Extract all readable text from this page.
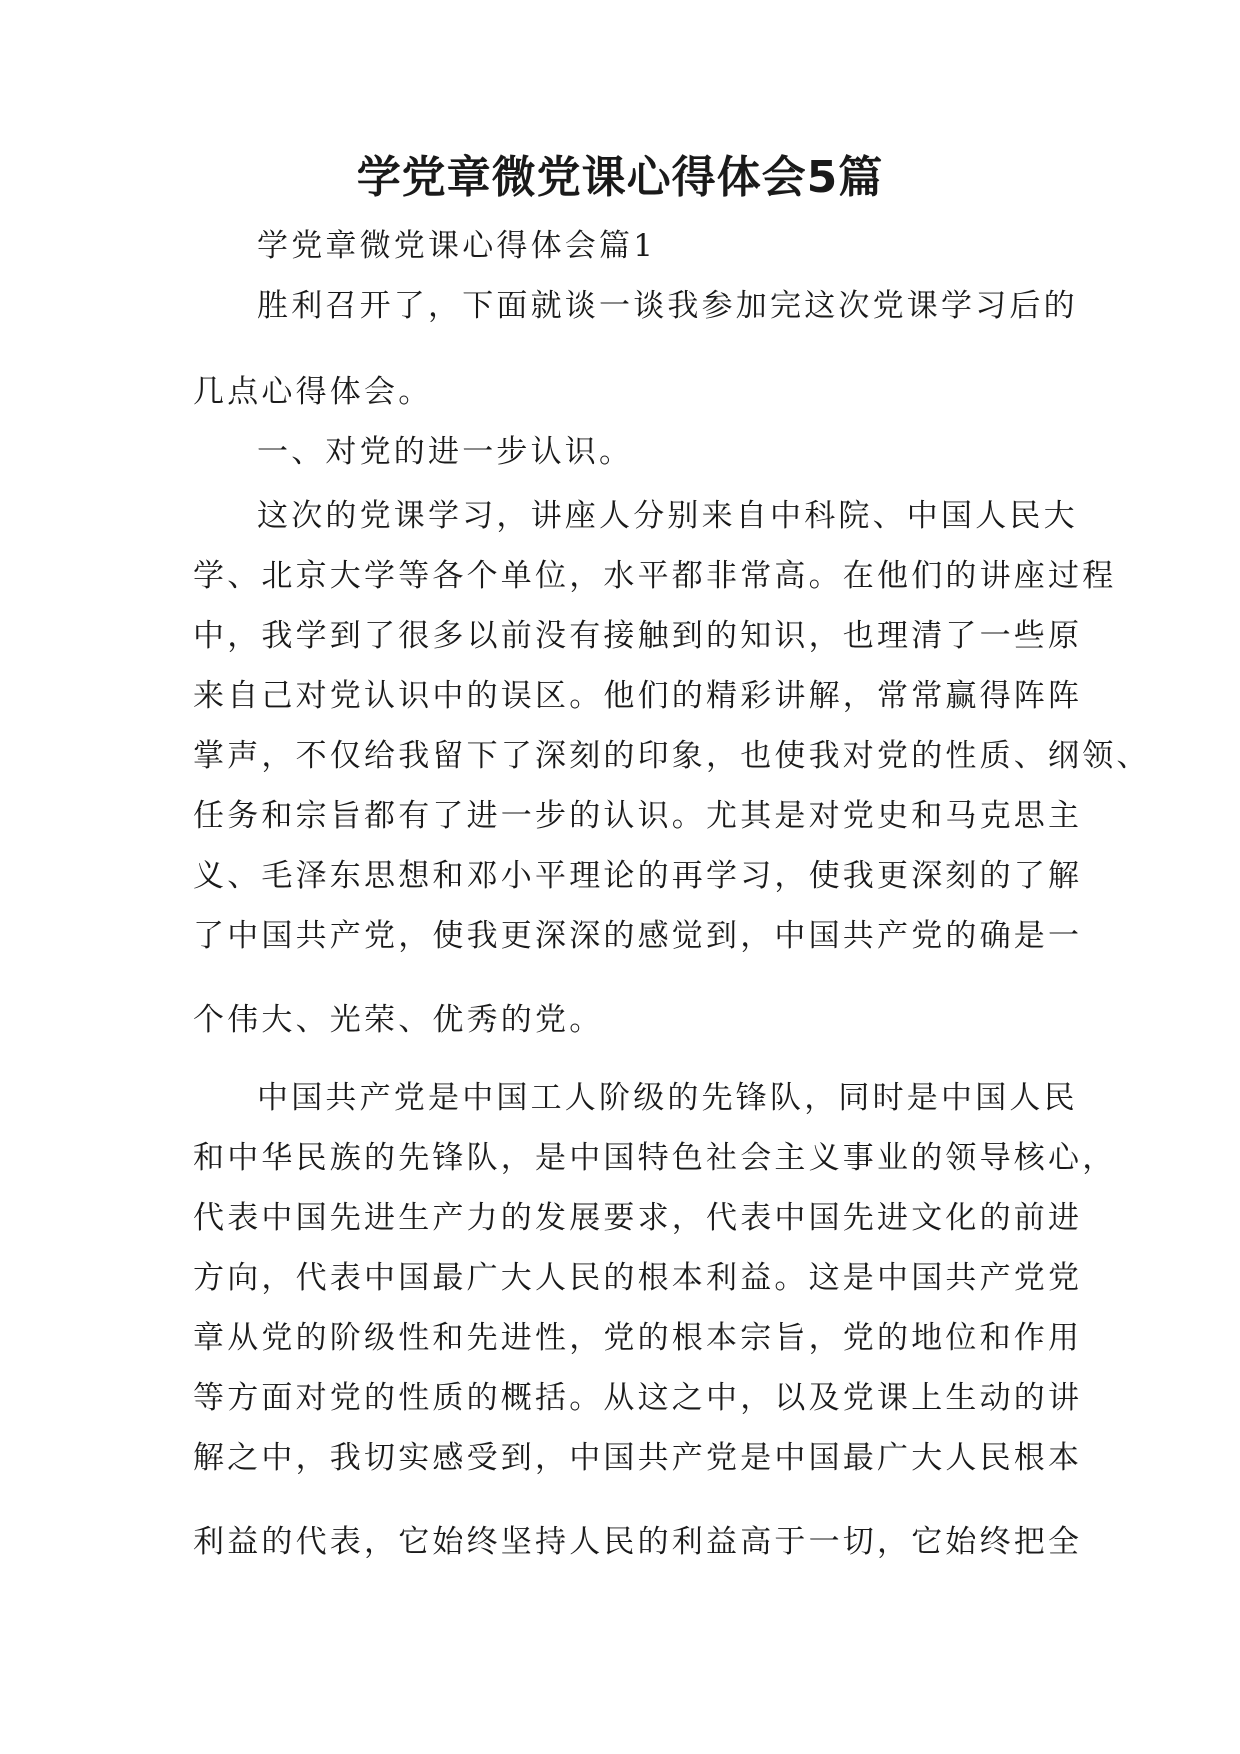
学党章微党课心得体会5篇

学党章微党课心得体会篇1

胜利召开了，下面就谈一谈我参加完这次党课学习后的

几点心得体会。

一、对党的进一步认识。

这次的党课学习，讲座人分别来自中科院、中国人民大

学、北京大学等各个单位，水平都非常高。在他们的讲座过程

中，我学到了很多以前没有接触到的知识，也理清了一些原

来自己对党认识中的误区。他们的精彩讲解，常常赢得阵阵

掌声，不仅给我留下了深刻的印象，也使我对党的性质、纲领、

任务和宗旨都有了进一步的认识。尤其是对党史和马克思主

义、毛泽东思想和邓小平理论的再学习，使我更深刻的了解

了中国共产党，使我更深深的感觉到，中国共产党的确是一

个伟大、光荣、优秀的党。

中国共产党是中国工人阶级的先锋队，同时是中国人民

和中华民族的先锋队，是中国特色社会主义事业的领导核心，

代表中国先进生产力的发展要求，代表中国先进文化的前进

方向，代表中国最广大人民的根本利益。这是中国共产党党

章从党的阶级性和先进性，党的根本宗旨，党的地位和作用

等方面对党的性质的概括。从这之中，以及党课上生动的讲

解之中，我切实感受到，中国共产党是中国最广大人民根本

利益的代表，它始终坚持人民的利益高于一切，它始终把全
